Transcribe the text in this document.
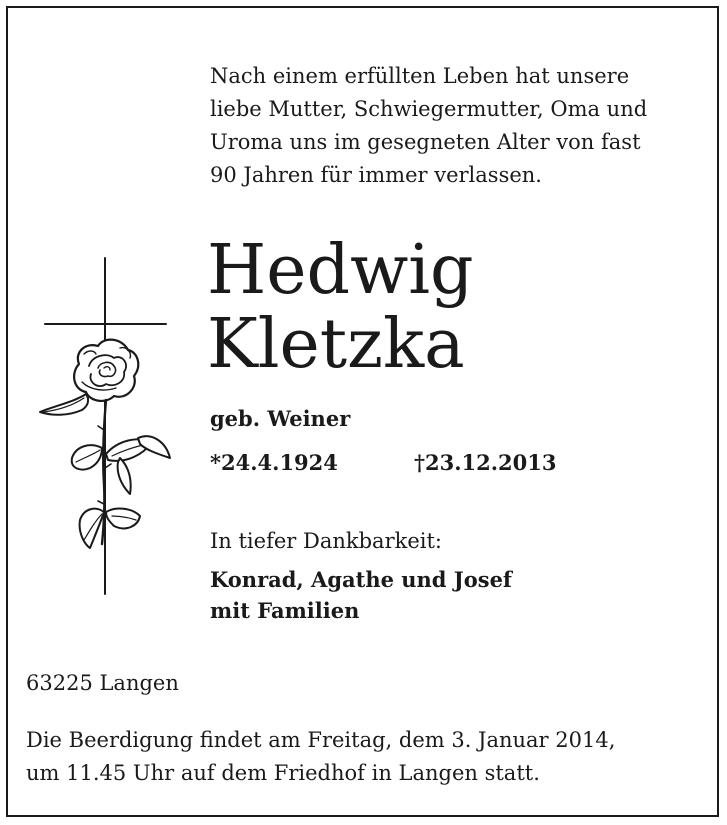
Nach einem erfüllten Leben hat unsere
liebe Mutter, Schwiegermutter, Oma und
Uroma uns im gesegneten Alter von fast
90 Jahren für immer verlassen.
Hedwig
Kletzka
geb. Weiner
*24.4.1924	†23.12.2013
In tiefer Dankbarkeit:
Konrad, Agathe und Josef
mit Familien
63225 Langen
Die Beerdigung findet am Freitag, dem 3. Januar 2014,
um 11.45 Uhr auf dem Friedhof in Langen statt.
